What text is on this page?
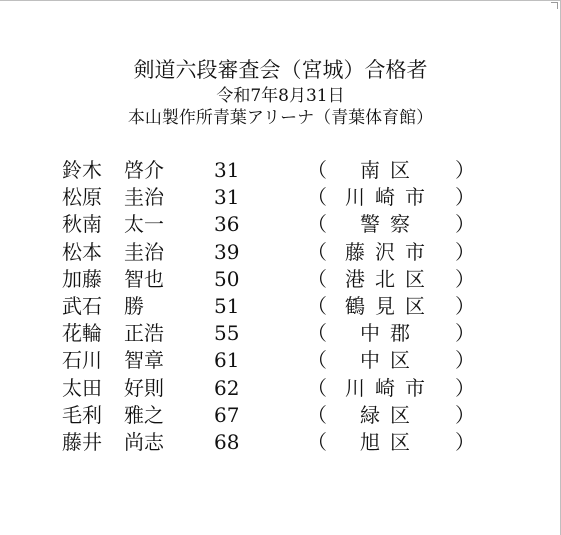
剣道六段審査会（宮城）合格者
令和7年8月31日
本山製作所青葉アリーナ（青葉体育館）
鈴木 啓介	31	（	南区	）
松原 圭治	31	（ 川崎市	）
秋南 太一	36	（	警察	）
松本 圭治	39	（ 藤沢市	）
加藤 智也	50	（ 港北区	）
武石 勝	51	（ 鶴見区	）
花輪 正浩	55	（	中郡	）
石川 智章	61	（	中区	）
太田 好則	62	（ 川崎市	）
毛利 雅之	67	（	緑区	）
藤井 尚志	68	（	旭区	）
